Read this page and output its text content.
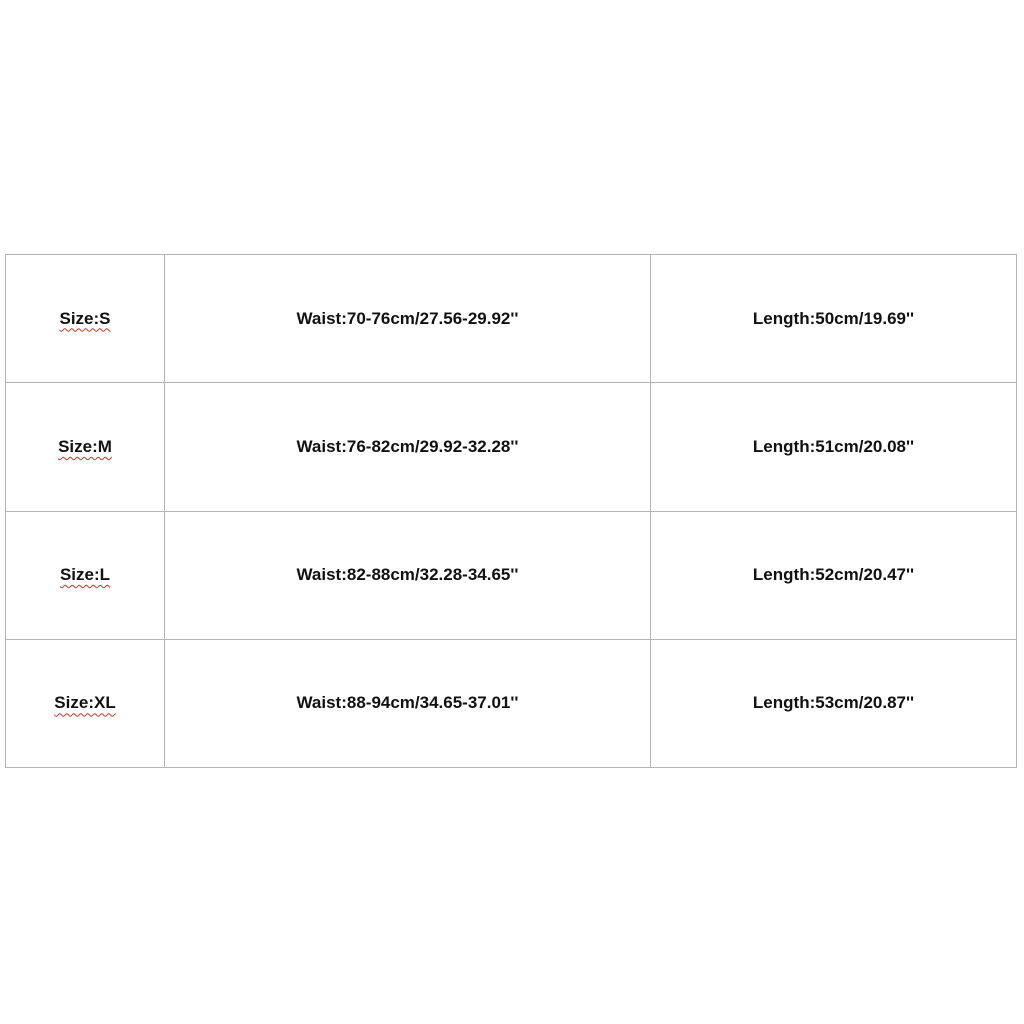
Size:S	Waist:70-76cm/27.56-29.92''	Length:50cm/19.69''
Size:M	Waist:76-82cm/29.92-32.28''	Length:51cm/20.08''
Size:L	Waist:82-88cm/32.28-34.65''	Length:52cm/20.47''
Size:XL	Waist:88-94cm/34.65-37.01''	Length:53cm/20.87''
